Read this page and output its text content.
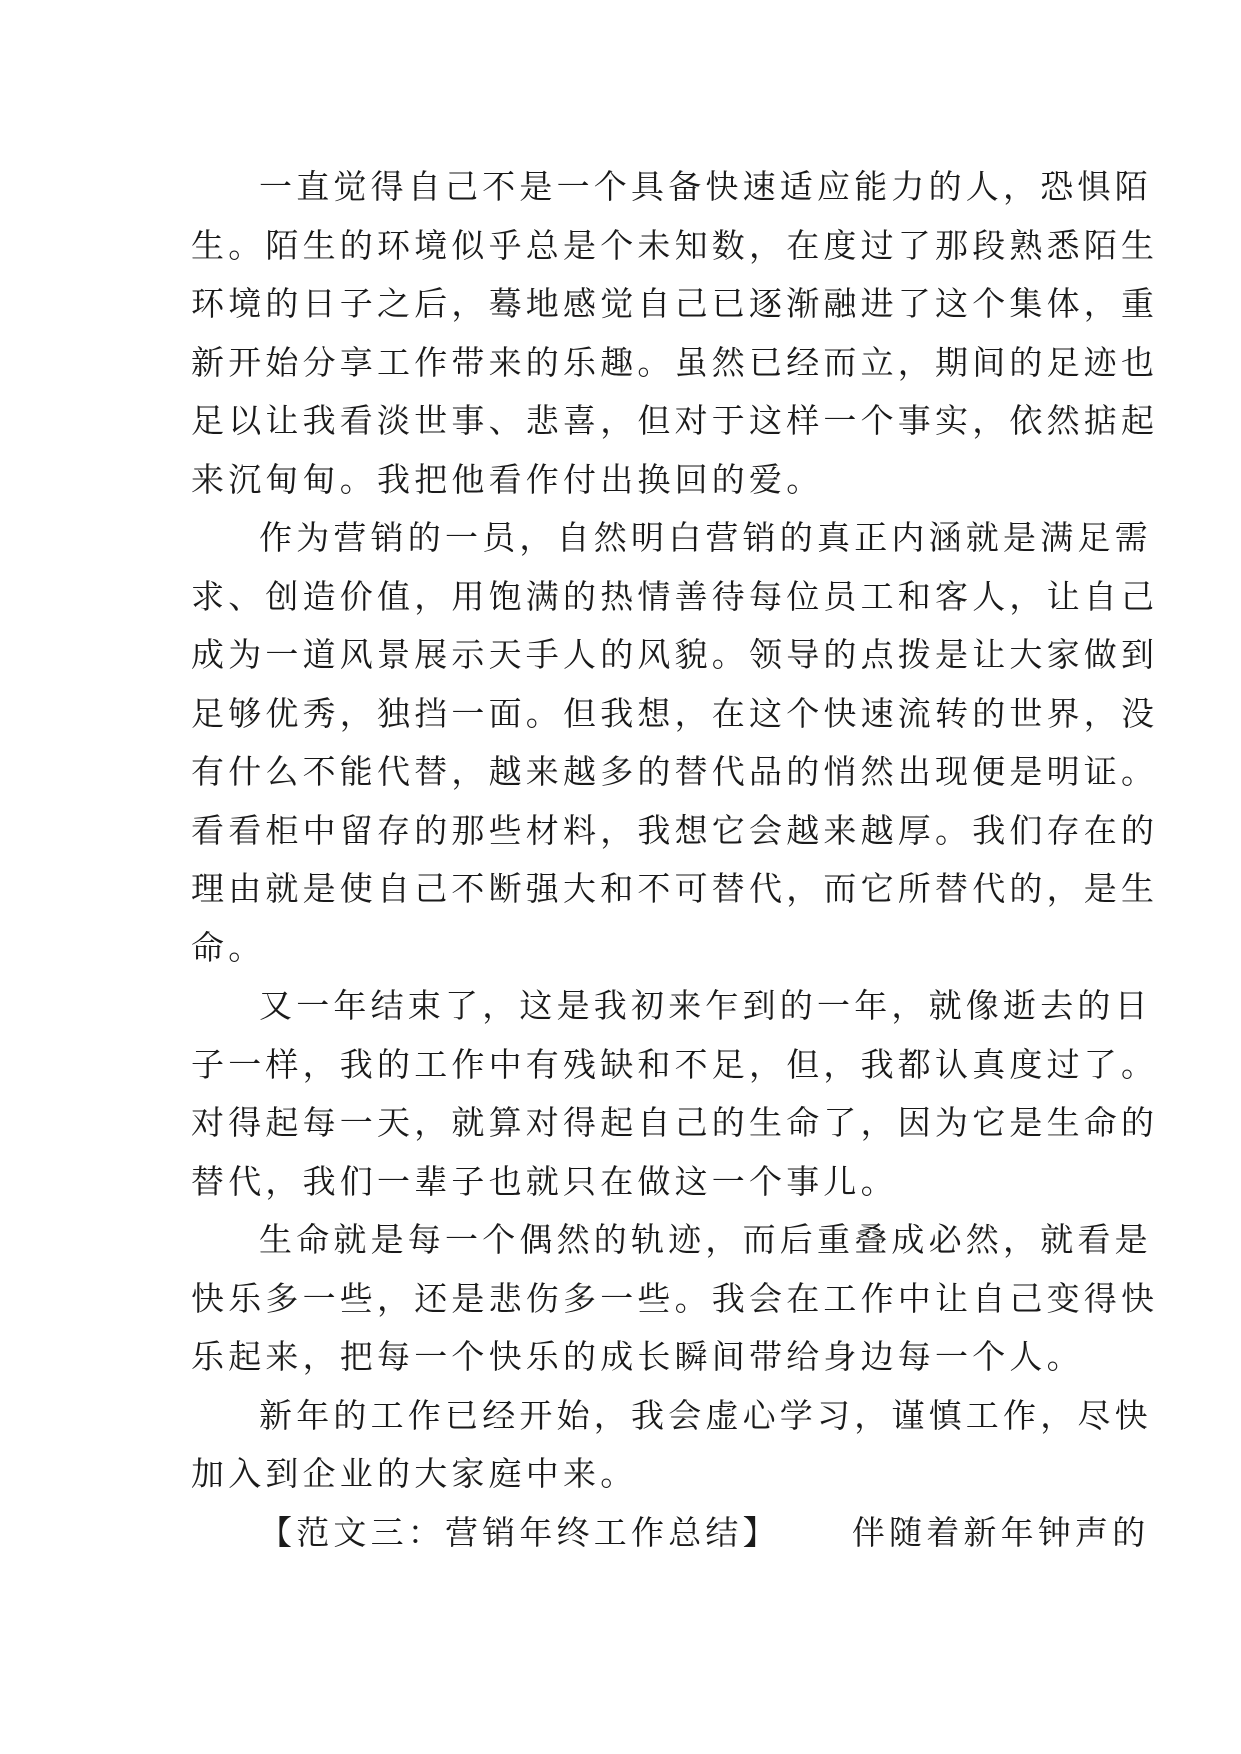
一直觉得自己不是一个具备快速适应能力的人，恐惧陌
生。陌生的环境似乎总是个未知数，在度过了那段熟悉陌生
环境的日子之后，蓦地感觉自己已逐渐融进了这个集体，重
新开始分享工作带来的乐趣。虽然已经而立，期间的足迹也
足以让我看淡世事、悲喜，但对于这样一个事实，依然掂起
来沉甸甸。我把他看作付出换回的爱。
作为营销的一员，自然明白营销的真正内涵就是满足需
求、创造价值，用饱满的热情善待每位员工和客人，让自己
成为一道风景展示天手人的风貌。领导的点拨是让大家做到
足够优秀，独挡一面。但我想，在这个快速流转的世界，没
有什么不能代替，越来越多的替代品的悄然出现便是明证。
看看柜中留存的那些材料，我想它会越来越厚。我们存在的
理由就是使自己不断强大和不可替代，而它所替代的，是生
命。
又一年结束了，这是我初来乍到的一年，就像逝去的日
子一样，我的工作中有残缺和不足，但，我都认真度过了。
对得起每一天，就算对得起自己的生命了，因为它是生命的
替代，我们一辈子也就只在做这一个事儿。
生命就是每一个偶然的轨迹，而后重叠成必然，就看是
快乐多一些，还是悲伤多一些。我会在工作中让自己变得快
乐起来，把每一个快乐的成长瞬间带给身边每一个人。
新年的工作已经开始，我会虚心学习，谨慎工作，尽快
加入到企业的大家庭中来。
【范文三：营销年终工作总结】 伴随着新年钟声的
